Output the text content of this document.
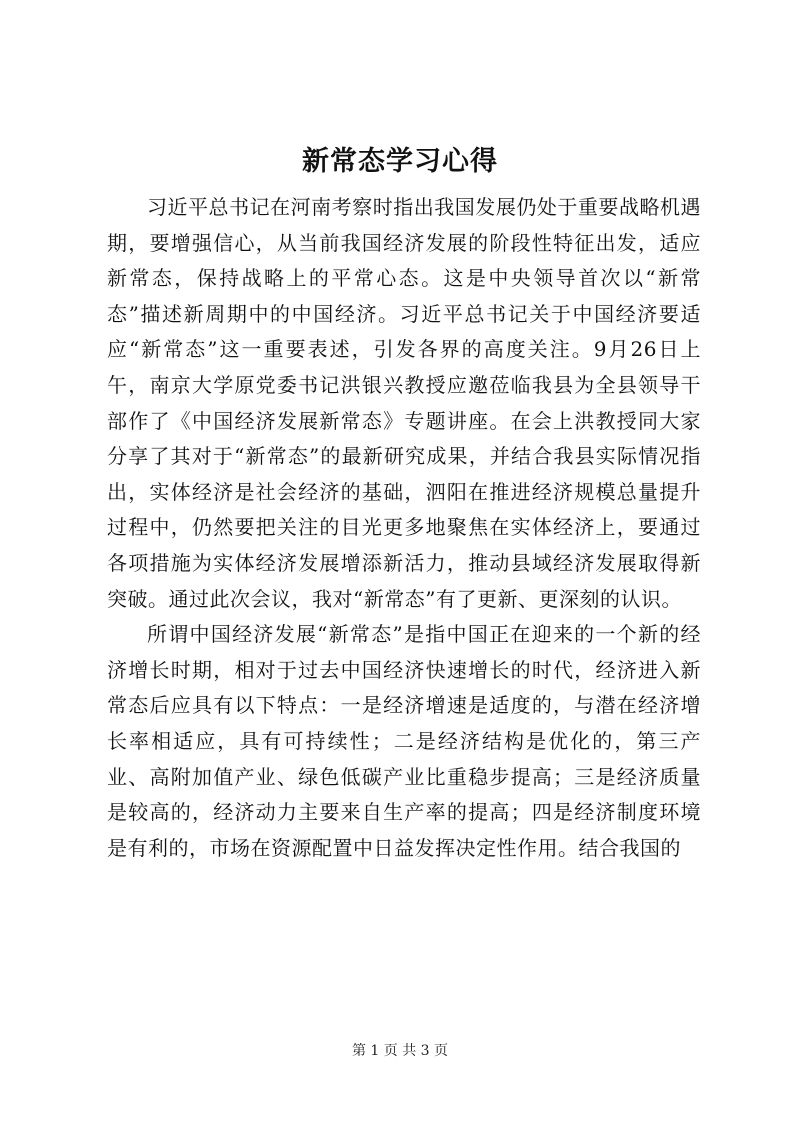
新常态学习心得

习近平总书记在河南考察时指出我国发展仍处于重要战略机遇期，要增强信心，从当前我国经济发展的阶段性特征出发，适应新常态，保持战略上的平常心态。这是中央领导首次以“新常态”描述新周期中的中国经济。习近平总书记关于中国经济要适应“新常态”这一重要表述，引发各界的高度关注。9月26日上午，南京大学原党委书记洪银兴教授应邀莅临我县为全县领导干部作了《中国经济发展新常态》专题讲座。在会上洪教授同大家分享了其对于“新常态”的最新研究成果，并结合我县实际情况指出，实体经济是社会经济的基础，泗阳在推进经济规模总量提升过程中，仍然要把关注的目光更多地聚焦在实体经济上，要通过各项措施为实体经济发展增添新活力，推动县域经济发展取得新突破。通过此次会议，我对“新常态”有了更新、更深刻的认识。

所谓中国经济发展“新常态”是指中国正在迎来的一个新的经济增长时期，相对于过去中国经济快速增长的时代，经济进入新常态后应具有以下特点：一是经济增速是适度的，与潜在经济增长率相适应，具有可持续性；二是经济结构是优化的，第三产业、高附加值产业、绿色低碳产业比重稳步提高；三是经济质量是较高的，经济动力主要来自生产率的提高；四是经济制度环境是有利的，市场在资源配置中日益发挥决定性作用。结合我国的

第 1 页 共 3 页
